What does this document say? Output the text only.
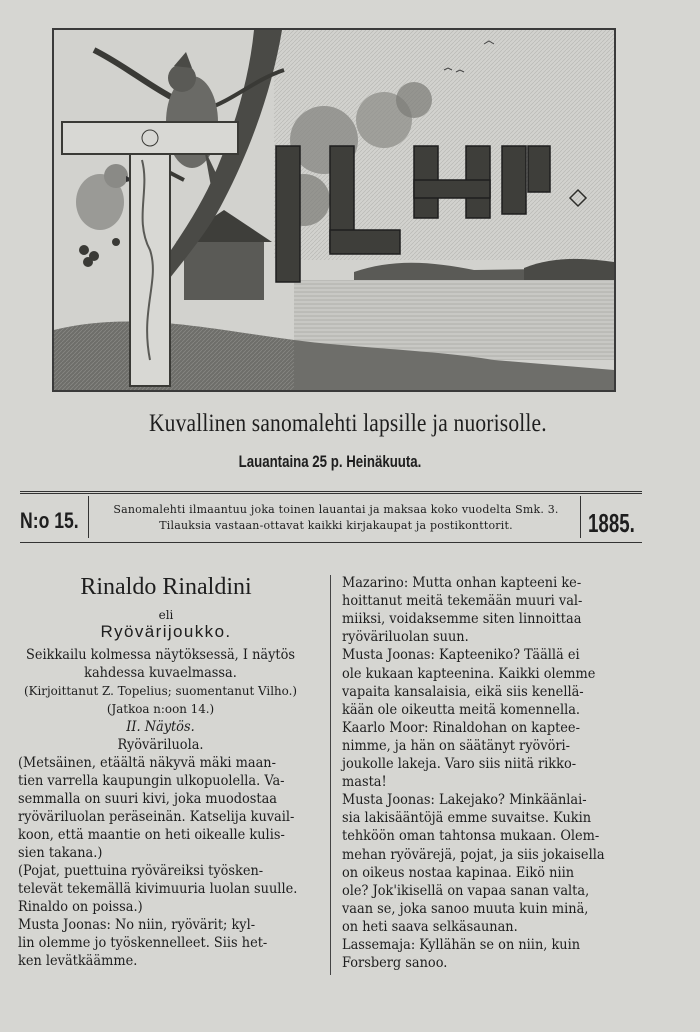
Kuvallinen sanomalehti lapsille ja nuorisolle.
Lauantaina 25 p. Heinäkuuta.
N:o 15.	Sanomalehti ilmaantuu joka toinen lauantai ja maksaa koko vuodelta Smk. 3.
Tilauksia vastaan-ottavat kaikki kirjakaupat ja postikonttorit.	1885.
Rinaldo Rinaldini
eli
Ryövärijoukko.
Seikkailu kolmessa näytöksessä, I näytös
kahdessa kuvaelmassa.
(Kirjoittanut Z. Topelius; suomentanut Vilho.)
(Jatkoa n:oon 14.)
II. Näytös.
Ryöväriluola.
(Metsäinen, etäältä näkyvä mäki maan-
tien varrella kaupungin ulkopuolella. Va-
semmalla on suuri kivi, joka muodostaa
ryöväriluolan peräseinän. Katselija kuvail-
koon, että maantie on heti oikealle kulis-
sien takana.)
(Pojat, puettuina ryöväreiksi työsken-
televät tekemällä kivimuuria luolan suulle.
Rinaldo on poissa.)
Musta Joonas: No niin, ryövärit; kyl-
lin olemme jo työskennelleet. Siis het-
ken levätkäämme.
Mazarino: Mutta onhan kapteeni ke-
hoittanut meitä tekemään muuri val-
miiksi, voidaksemme siten linnoittaa
ryöväriluolan suun.
Musta Joonas: Kapteeniko? Täällä ei
ole kukaan kapteenina. Kaikki olemme
vapaita kansalaisia, eikä siis kenellä-
kään ole oikeutta meitä komennella.
Kaarlo Moor: Rinaldohan on kaptee-
nimme, ja hän on säätänyt ryövöri-
joukolle lakeja. Varo siis niitä rikko-
masta!
Musta Joonas: Lakejako? Minkäänlai-
sia lakisääntöjä emme suvaitse. Kukin
tehköön oman tahtonsa mukaan. Olem-
mehan ryövärejä, pojat, ja siis jokaisella
on oikeus nostaa kapinaa. Eikö niin
ole? Jok'ikisellä on vapaa sanan valta,
vaan se, joka sanoo muuta kuin minä,
on heti saava selkäsaunan.
Lassemaja: Kyllähän se on niin, kuin
Forsberg sanoo.
